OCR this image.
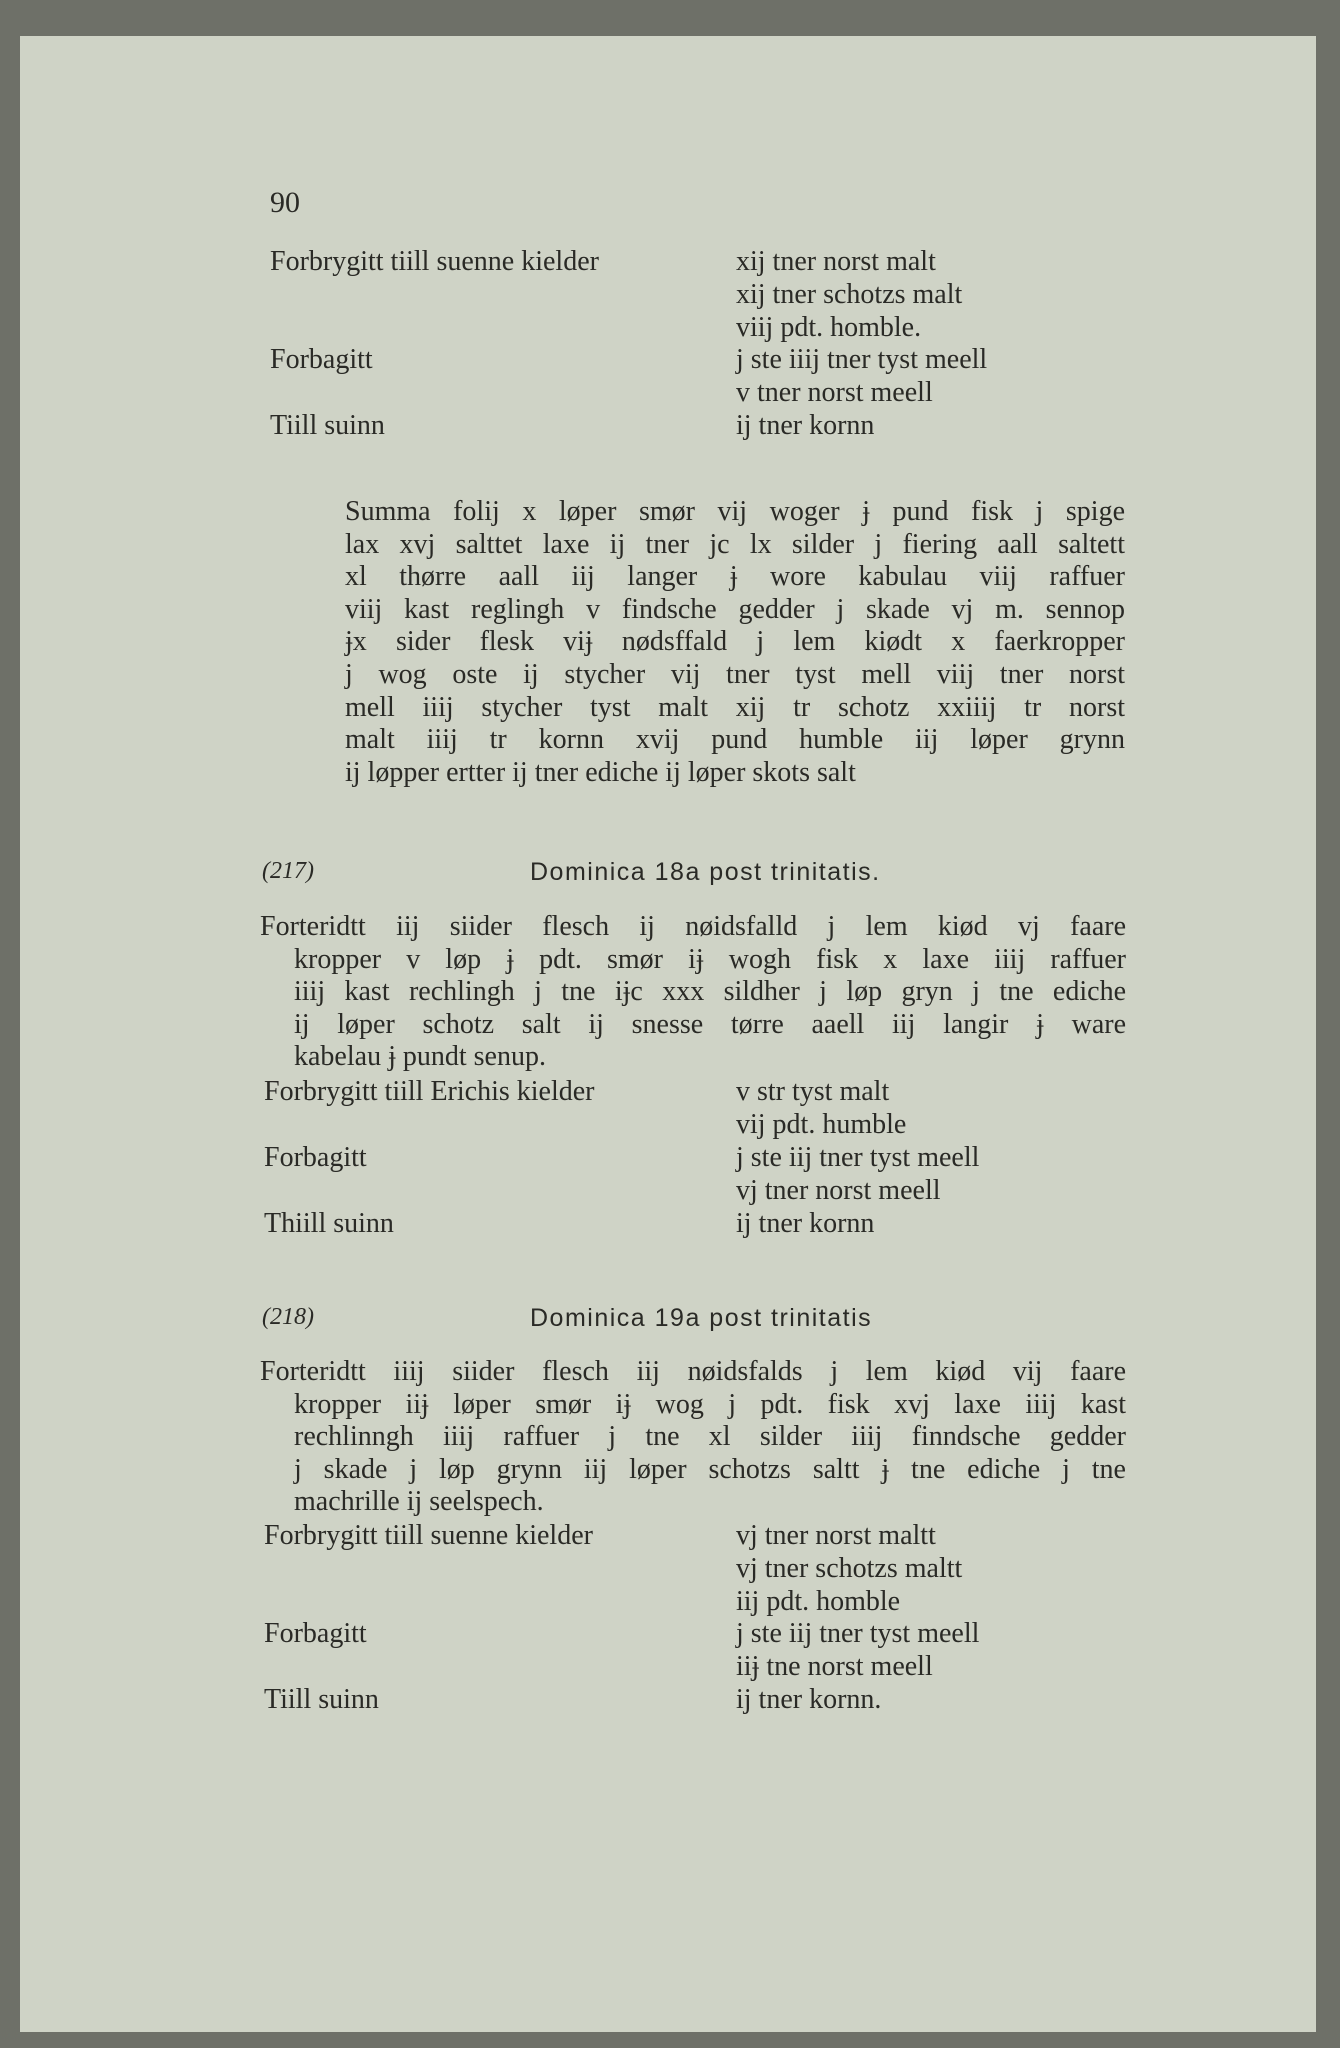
90
Forbrygitt tiill suenne kielder	xij tner norst malt
xij tner schotzs malt
viij pdt. homble.
Forbagitt	j ste iiij tner tyst meell
v tner norst meell
Tiill suinn	ij tner kornn

Summa folij x løper smør vij woger ɉ pund fisk j spige

lax xvj salttet laxe ij tner jc lx silder j fiering aall saltett

xl thørre aall iij langer ɉ wore kabulau viij raffuer

viij kast reglingh v findsche gedder j skade vj m. sennop

ɉx sider flesk viɉ nødsffald j lem kiødt x faerkropper

j wog oste ij stycher vij tner tyst mell viij tner norst

mell iiij stycher tyst malt xij tr schotz xxiiij tr norst

malt iiij tr kornn xvij pund humble iij løper grynn

ij løpper ertter ij tner ediche ij løper skots salt

(217)	Dominica 18a post trinitatis.

Forteridtt iij siider flesch ij nøidsfalld j lem kiød vj faare

kropper v løp ɉ pdt. smør iɉ wogh fisk x laxe iiij raffuer

iiij kast rechlingh j tne iɉc xxx sildher j løp gryn j tne ediche

ij løper schotz salt ij snesse tørre aaell iij langir ɉ ware

kabelau ɉ pundt senup.

Forbrygitt tiill Erichis kielder	v str tyst malt
vij pdt. humble
Forbagitt	j ste iij tner tyst meell
vj tner norst meell
Thiill suinn	ij tner kornn
(218)	Dominica 19a post trinitatis

Forteridtt iiij siider flesch iij nøidsfalds j lem kiød vij faare

kropper iiɉ løper smør iɉ wog j pdt. fisk xvj laxe iiij kast

rechlinngh iiij raffuer j tne xl silder iiij finndsche gedder

j skade j løp grynn iij løper schotzs saltt ɉ tne ediche j tne

machrille ij seelspech.

Forbrygitt tiill suenne kielder	vj tner norst maltt
vj tner schotzs maltt
iij pdt. homble
Forbagitt	j ste iij tner tyst meell
iiɉ tne norst meell
Tiill suinn	ij tner kornn.
